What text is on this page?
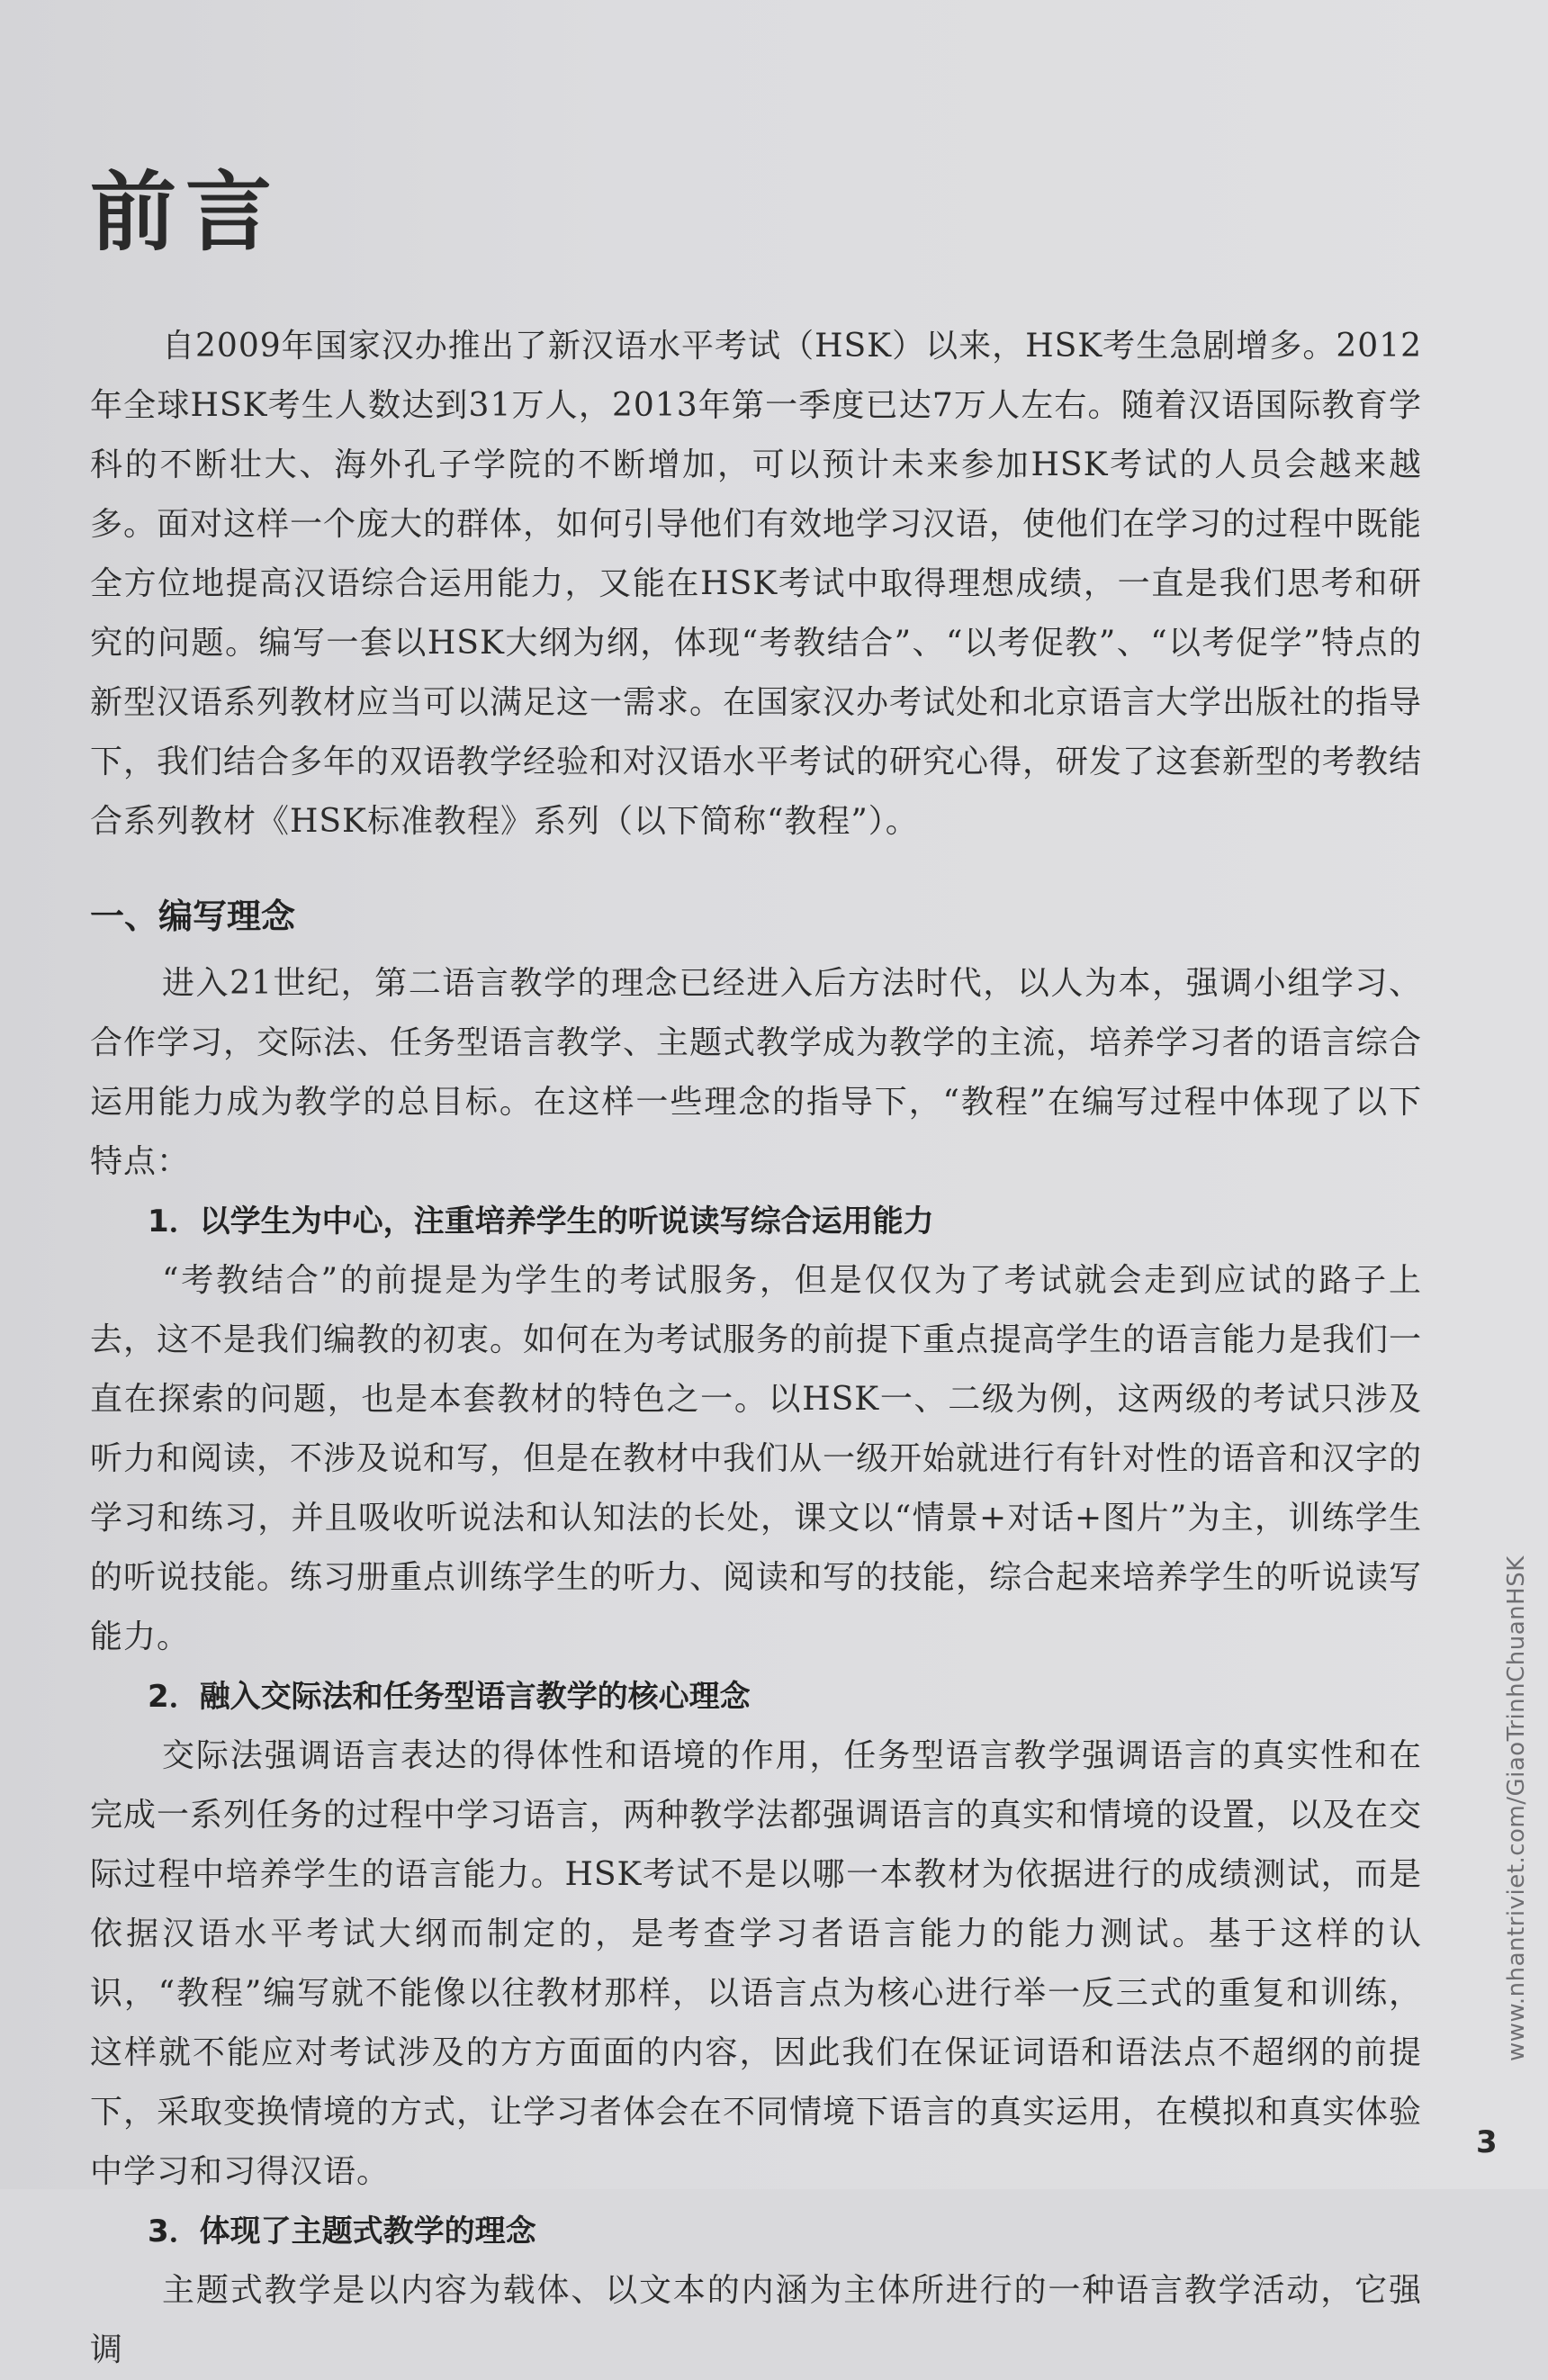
前言

自2009年国家汉办推出了新汉语水平考试（HSK）以来，HSK考生急剧增多。2012年全球HSK考生人数达到31万人，2013年第一季度已达7万人左右。随着汉语国际教育学科的不断壮大、海外孔子学院的不断增加，可以预计未来参加HSK考试的人员会越来越多。面对这样一个庞大的群体，如何引导他们有效地学习汉语，使他们在学习的过程中既能全方位地提高汉语综合运用能力，又能在HSK考试中取得理想成绩，一直是我们思考和研究的问题。编写一套以HSK大纲为纲，体现“考教结合”、“以考促教”、“以考促学”特点的新型汉语系列教材应当可以满足这一需求。在国家汉办考试处和北京语言大学出版社的指导下，我们结合多年的双语教学经验和对汉语水平考试的研究心得，研发了这套新型的考教结合系列教材《HSK标准教程》系列（以下简称“教程”）。

一、编写理念

进入21世纪，第二语言教学的理念已经进入后方法时代，以人为本，强调小组学习、合作学习，交际法、任务型语言教学、主题式教学成为教学的主流，培养学习者的语言综合运用能力成为教学的总目标。在这样一些理念的指导下，“教程”在编写过程中体现了以下特点：

1．以学生为中心，注重培养学生的听说读写综合运用能力

“考教结合”的前提是为学生的考试服务，但是仅仅为了考试就会走到应试的路子上去，这不是我们编教的初衷。如何在为考试服务的前提下重点提高学生的语言能力是我们一直在探索的问题，也是本套教材的特色之一。以HSK一、二级为例，这两级的考试只涉及听力和阅读，不涉及说和写，但是在教材中我们从一级开始就进行有针对性的语音和汉字的学习和练习，并且吸收听说法和认知法的长处，课文以“情景+对话+图片”为主，训练学生的听说技能。练习册重点训练学生的听力、阅读和写的技能，综合起来培养学生的听说读写能力。

2．融入交际法和任务型语言教学的核心理念

交际法强调语言表达的得体性和语境的作用，任务型语言教学强调语言的真实性和在完成一系列任务的过程中学习语言，两种教学法都强调语言的真实和情境的设置，以及在交际过程中培养学生的语言能力。HSK考试不是以哪一本教材为依据进行的成绩测试，而是依据汉语水平考试大纲而制定的，是考查学习者语言能力的能力测试。基于这样的认识，“教程”编写就不能像以往教材那样，以语言点为核心进行举一反三式的重复和训练，这样就不能应对考试涉及的方方面面的内容，因此我们在保证词语和语法点不超纲的前提下，采取变换情境的方式，让学习者体会在不同情境下语言的真实运用，在模拟和真实体验中学习和习得汉语。

3．体现了主题式教学的理念

主题式教学是以内容为载体、以文本的内涵为主体所进行的一种语言教学活动，它强调

www.nhantriviet.com/GiaoTrinhChuanHSK
3
